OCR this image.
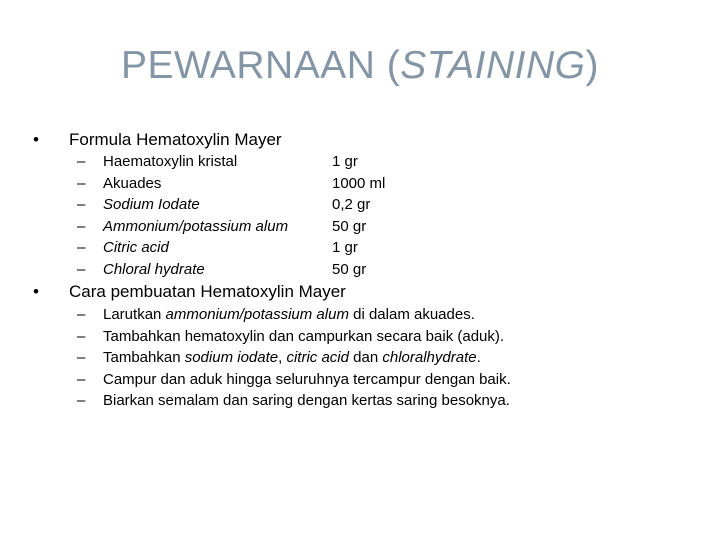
PEWARNAAN (STAINING)
• Formula Hematoxylin Mayer
– Haematoxylin kristal	1 gr
– Akuades	1000 ml
– Sodium Iodate	0,2 gr
– Ammonium/potassium alum	50 gr
– Citric acid	1 gr
– Chloral hydrate	50 gr
• Cara pembuatan Hematoxylin Mayer
– Larutkan ammonium/potassium alum di dalam akuades.
– Tambahkan hematoxylin dan campurkan secara baik (aduk).
– Tambahkan sodium iodate, citric acid dan chloralhydrate.
– Campur dan aduk hingga seluruhnya tercampur dengan baik.
– Biarkan semalam dan saring dengan kertas saring besoknya.
